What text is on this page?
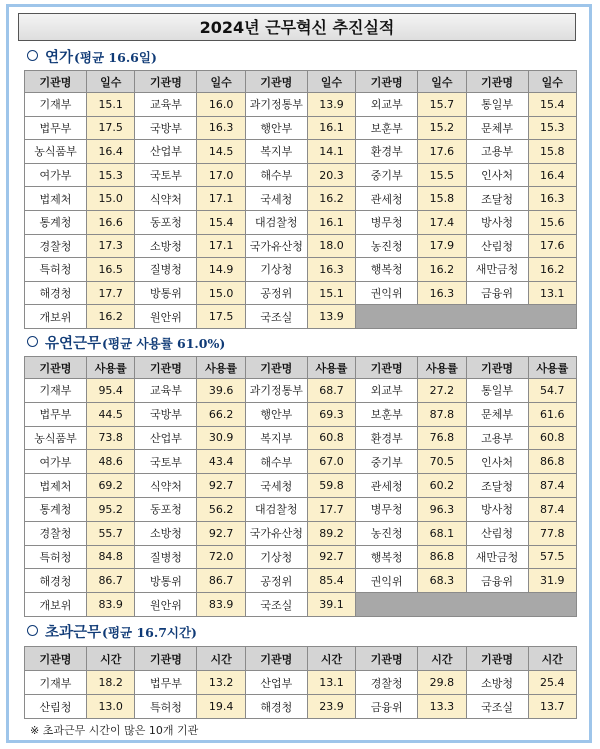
2024년 근무혁신 추진실적
연가(평균 16.6일)
기관명	일수	기관명	일수	기관명	일수	기관명	일수	기관명	일수
기재부	15.1	교육부	16.0	과기정통부	13.9	외교부	15.7	통일부	15.4
법무부	17.5	국방부	16.3	행안부	16.1	보훈부	15.2	문체부	15.3
농식품부	16.4	산업부	14.5	복지부	14.1	환경부	17.6	고용부	15.8
여가부	15.3	국토부	17.0	해수부	20.3	중기부	15.5	인사처	16.4
법제처	15.0	식약처	17.1	국세청	16.2	관세청	15.8	조달청	16.3
통계청	16.6	동포청	15.4	대검찰청	16.1	병무청	17.4	방사청	15.6
경찰청	17.3	소방청	17.1	국가유산청	18.0	농진청	17.9	산림청	17.6
특허청	16.5	질병청	14.9	기상청	16.3	행복청	16.2	새만금청	16.2
해경청	17.7	방통위	15.0	공정위	15.1	권익위	16.3	금융위	13.1
개보위	16.2	원안위	17.5	국조실	13.9				
유연근무(평균 사용률 61.0%)
기관명	사용률	기관명	사용률	기관명	사용률	기관명	사용률	기관명	사용률
기재부	95.4	교육부	39.6	과기정통부	68.7	외교부	27.2	통일부	54.7
법무부	44.5	국방부	66.2	행안부	69.3	보훈부	87.8	문체부	61.6
농식품부	73.8	산업부	30.9	복지부	60.8	환경부	76.8	고용부	60.8
여가부	48.6	국토부	43.4	해수부	67.0	중기부	70.5	인사처	86.8
법제처	69.2	식약처	92.7	국세청	59.8	관세청	60.2	조달청	87.4
통계청	95.2	동포청	56.2	대검찰청	17.7	병무청	96.3	방사청	87.4
경찰청	55.7	소방청	92.7	국가유산청	89.2	농진청	68.1	산림청	77.8
특허청	84.8	질병청	72.0	기상청	92.7	행복청	86.8	새만금청	57.5
해경청	86.7	방통위	86.7	공정위	85.4	권익위	68.3	금융위	31.9
개보위	83.9	원안위	83.9	국조실	39.1				
초과근무(평균 16.7시간)
기관명	시간	기관명	시간	기관명	시간	기관명	시간	기관명	시간
기재부	18.2	법무부	13.2	산업부	13.1	경찰청	29.8	소방청	25.4
산림청	13.0	특허청	19.4	해경청	23.9	금융위	13.3	국조실	13.7
※ 초과근무 시간이 많은 10개 기관
